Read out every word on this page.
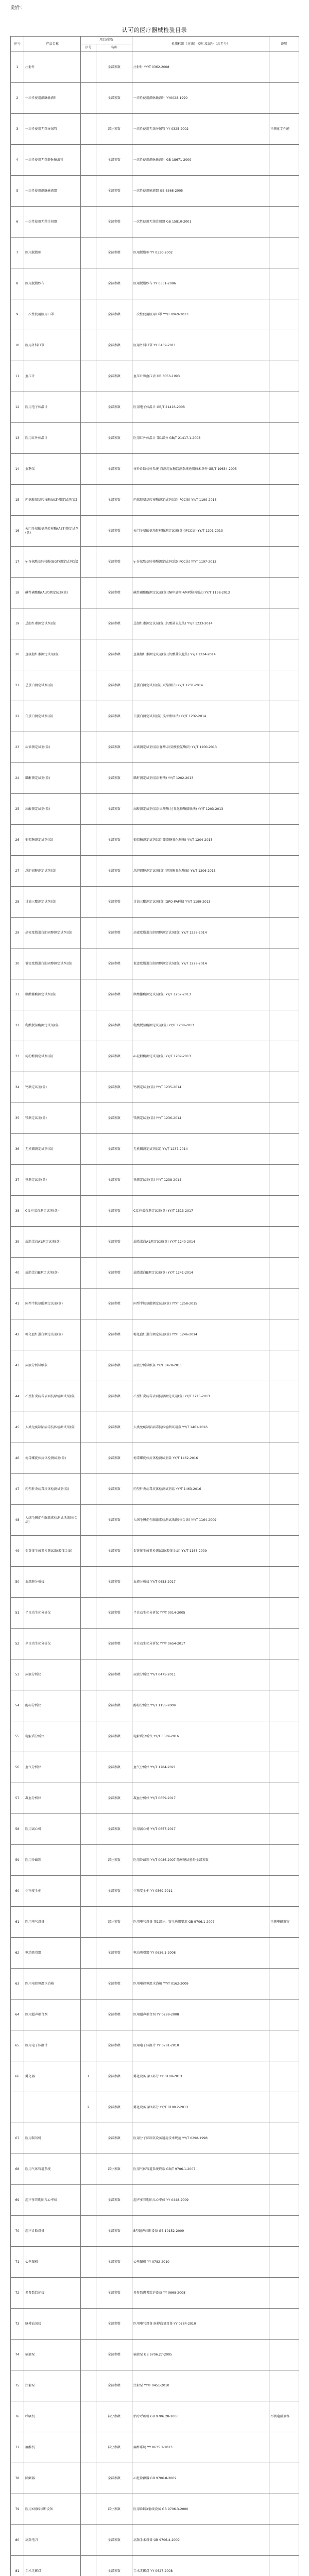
附件：
认可的医疗器械检验目录
序号	产品名称	项目/参数		检测标准（方法）名称 及编号（含年号）	说明
		序号	名称		
1	注射针		全部参数	注射针 YY/T 0362-2008	
2	一次性使用静脉输液针		全部参数	一次性使用静脉输液针 YY0028-1990	
3	一次性使用无菌导尿管		部分参数	一次性使用无菌导尿管 YY 0325-2002	不测化学性能
4	一次性使用无菌静脉输液针		全部参数	一次性使用静脉输液针 GB 18671-2009	
5	一次性使用静脉输液器		全部参数	一次性使用输液器 GB 8368-2005	
6	一次性使用无菌注射器		全部参数	一次性使用无菌注射器 GB 15810-2001	
7	医用脱脂棉		全部参数	医用脱脂棉 YY 0330-2002	
8	医用脱脂纱布		全部参数	医用脱脂纱布 YY 0331-2006	
9	一次性使用医用口罩		全部参数	一次性使用医用口罩 YY/T 0969-2013	
10	医用外科口罩		全部参数	医用外科口罩 YY 0469-2011	
11	血压计		全部参数	血压计和血压表 GB 3053-1993	
12	医用电子体温计		全部参数	医用电子体温计 GB/T 21416-2008	
13	医用红外体温计		全部参数	医用红外体温计 第1部分 GB/T 21417.1-2008	
14	血糖仪		全部参数	体外诊断检验系统 自测用血糖监测系统通用技术条件 GB/T 19634-2005	
15	丙氨酸氨基转移酶(ALT)测定试剂(盒)		全部参数	丙氨酸氨基转移酶测定试剂(盒)(IFCC法) YY/T 1199-2013	
16	天门冬氨酸氨基转移酶(AST)测定试剂(盒)		全部参数	天门冬氨酸氨基转移酶测定试剂(盒)(IFCC法) YY/T 1201-2013	
17	γ-谷氨酰基转移酶(GGT)测定试剂(盒)		全部参数	γ-谷氨酰基转移酶测定试剂(盒)(IFCC法) YY/T 1197-2013	
18	碱性磷酸酶(ALP)测定试剂(盒)		全部参数	碱性磷酸酶测定试剂(盒)(NPP底物-AMP缓冲液法) YY/T 1198-2013	
19	总胆红素测定试剂(盒)		全部参数	总胆红素测定试剂(盒)(钒酸盐氧化法) YY/T 1233-2014	
20	直接胆红素测定试剂(盒)		全部参数	直接胆红素测定试剂(盒)(钒酸盐氧化法) YY/T 1234-2014	
21	总蛋白测定试剂(盒)		全部参数	总蛋白测定试剂(盒)(双缩脲法) YY/T 1231-2014	
22	白蛋白测定试剂(盒)		全部参数	白蛋白测定试剂(盒)(溴甲酚绿法) YY/T 1232-2014	
23	尿素测定试剂(盒)		全部参数	尿素测定试剂(盒)(脲酶-谷氨酸脱氢酶法) YY/T 1200-2013	
24	肌酐测定试剂(盒)		全部参数	肌酐测定试剂(盒)(酶法) YY/T 1202-2013	
25	尿酸测定试剂(盒)		全部参数	尿酸测定试剂(盒)(尿酸酶-过氧化物酶偶联法) YY/T 1203-2013	
26	葡萄糖测定试剂(盒)		全部参数	葡萄糖测定试剂(盒)(葡萄糖氧化酶法) YY/T 1204-2013	
27	总胆固醇测定试剂(盒)		全部参数	总胆固醇测定试剂(盒)(胆固醇氧化酶法) YY/T 1206-2013	
28	甘油三酯测定试剂(盒)		全部参数	甘油三酯测定试剂(盒)(GPO-PAP法) YY/T 1199-2013	
29	高密度脂蛋白胆固醇测定试剂(盒)		全部参数	高密度脂蛋白胆固醇测定试剂(盒) YY/T 1228-2014	
30	低密度脂蛋白胆固醇测定试剂(盒)		全部参数	低密度脂蛋白胆固醇测定试剂(盒) YY/T 1229-2014	
31	肌酸激酶测定试剂(盒)		全部参数	肌酸激酶测定试剂(盒) YY/T 1207-2013	
32	乳酸脱氢酶测定试剂(盒)		全部参数	乳酸脱氢酶测定试剂(盒) YY/T 1208-2013	
33	淀粉酶测定试剂(盒)		全部参数	α-淀粉酶测定试剂(盒) YY/T 1209-2013	
34	钙测定试剂(盒)		全部参数	钙测定试剂(盒) YY/T 1235-2014	
35	镁测定试剂(盒)		全部参数	镁测定试剂(盒) YY/T 1236-2014	
36	无机磷测定试剂(盒)		全部参数	无机磷测定试剂(盒) YY/T 1237-2014	
37	铁测定试剂(盒)		全部参数	铁测定试剂(盒) YY/T 1238-2014	
38	C反应蛋白测定试剂(盒)		全部参数	C反应蛋白测定试剂(盒) YY/T 1513-2017	
39	载脂蛋白A1测定试剂(盒)		全部参数	载脂蛋白A1测定试剂(盒) YY/T 1240-2014	
40	载脂蛋白B测定试剂(盒)		全部参数	载脂蛋白B测定试剂(盒) YY/T 1241-2014	
41	同型半胱氨酸测定试剂(盒)		全部参数	同型半胱氨酸测定试剂(盒) YY/T 1258-2015	
42	糖化血红蛋白测定试剂(盒)		全部参数	糖化血红蛋白测定试剂(盒) YY/T 1246-2014	
43	尿液分析试纸条		全部参数	尿液分析试纸条 YY/T 0478-2011	
44	乙型肝炎病毒表面抗原检测试剂(盒)		全部参数	乙型肝炎病毒表面抗原测定试剂(盒) YY/T 1215-2013	
45	人类免疫缺陷病毒抗体检测试剂(盒)		全部参数	人类免疫缺陷病毒抗体检测试剂盒 YY/T 1461-2016	
46	梅毒螺旋体抗体检测试剂(盒)		全部参数	梅毒螺旋体抗体检测试剂盒 YY/T 1462-2016	
47	丙型肝炎病毒抗体检测试剂(盒)		全部参数	丙型肝炎病毒抗体检测试剂盒 YY/T 1463-2016	
48	人绒毛膜促性腺激素检测试纸(胶体金法)		全部参数	人绒毛膜促性腺激素检测试纸(胶体金法) YY/T 1164-2009	
49	促黄体生成素检测试纸(胶体金法)		全部参数	促黄体生成素检测试纸(胶体金法) YY/T 1165-2009	
50	血细胞分析仪		全部参数	血液分析仪 YY/T 0653-2017	
51	半自动生化分析仪		全部参数	半自动生化分析仪 YY/T 0014-2005	
52	全自动生化分析仪		全部参数	全自动生化分析仪 YY/T 0654-2017	
53	尿液分析仪		全部参数	尿液分析仪 YY/T 0475-2011	
54	酶标分析仪		全部参数	酶标分析仪 YY/T 1155-2009	
55	电解质分析仪		全部参数	电解质分析仪 YY/T 0589-2016	
56	血气分析仪		全部参数	血气分析仪 YY/T 1784-2021	
57	凝血分析仪		全部参数	凝血分析仪 YY/T 0659-2017	
58	医用离心机		全部参数	医用离心机 YY/T 0657-2017	
59	医用冷藏箱		部分参数	医用冷藏箱 YY/T 0086-2007 除环境试验外全部参数	
60	生物安全柜		全部参数	生物安全柜 YY 0569-2011	
61	医用电气设备		部分参数	医用电气设备 第1部分：安全通用要求 GB 9706.1-2007	不测电磁兼容
62	电动吸引器		全部参数	电动吸引器 YY 0636.1-2008	
63	医用电热恒温水浴箱		全部参数	医用电热恒温水浴箱 YY/T 0162-2009	
64	医用超声耦合剂		全部参数	医用超声耦合剂 YY 0299-2008	
65	医用电子体温计		全部参数	医用电子体温计 YY 0781-2010	
66	雾化器	1	全部参数	雾化设备 第1部分 YY 0109-2013	
		2	全部参数	雾化设备 第2部分 YY/T 0109.2-2013	
67	医用制氧机		全部参数	医用分子筛制氧设备通用技术规范 YY/T 0298-1998	
68	医用气体管道系统		部分参数	医用气体管道系统终端 GB/T 9706.1-2007	
69	超声多普勒胎儿心率仪		全部参数	超声多普勒胎儿心率仪 YY 0448-2009	
70	超声诊断设备		全部参数	B型超声诊断设备 GB 10152-2009	
71	心电图机		全部参数	心电图机 YY 0782-2010	
72	多参数监护仪		全部参数	多参数患者监护设备 YY 0668-2008	
73	脉搏血氧仪		全部参数	医用电气设备 脉搏血氧设备 YY 0784-2010	
74	输液泵		全部参数	输液泵 GB 9706.27-2005	
75	注射泵		全部参数	注射泵 YY/T 0451-2010	
76	呼吸机		部分参数	治疗呼吸机 GB 9706.28-2006	不测电磁兼容
77	麻醉机		部分参数	麻醉系统 YY 0635.1-2013	
78	除颤器		全部参数	心脏除颤器 GB 9706.8-2009	
79	医用X射线诊断设备		部分参数	医用诊断X射线设备 GB 9706.3-2000	
80	高频电刀		全部参数	高频手术设备 GB 9706.4-2009	
81	手术无影灯		全部参数	手术无影灯 YY 0627-2008	
